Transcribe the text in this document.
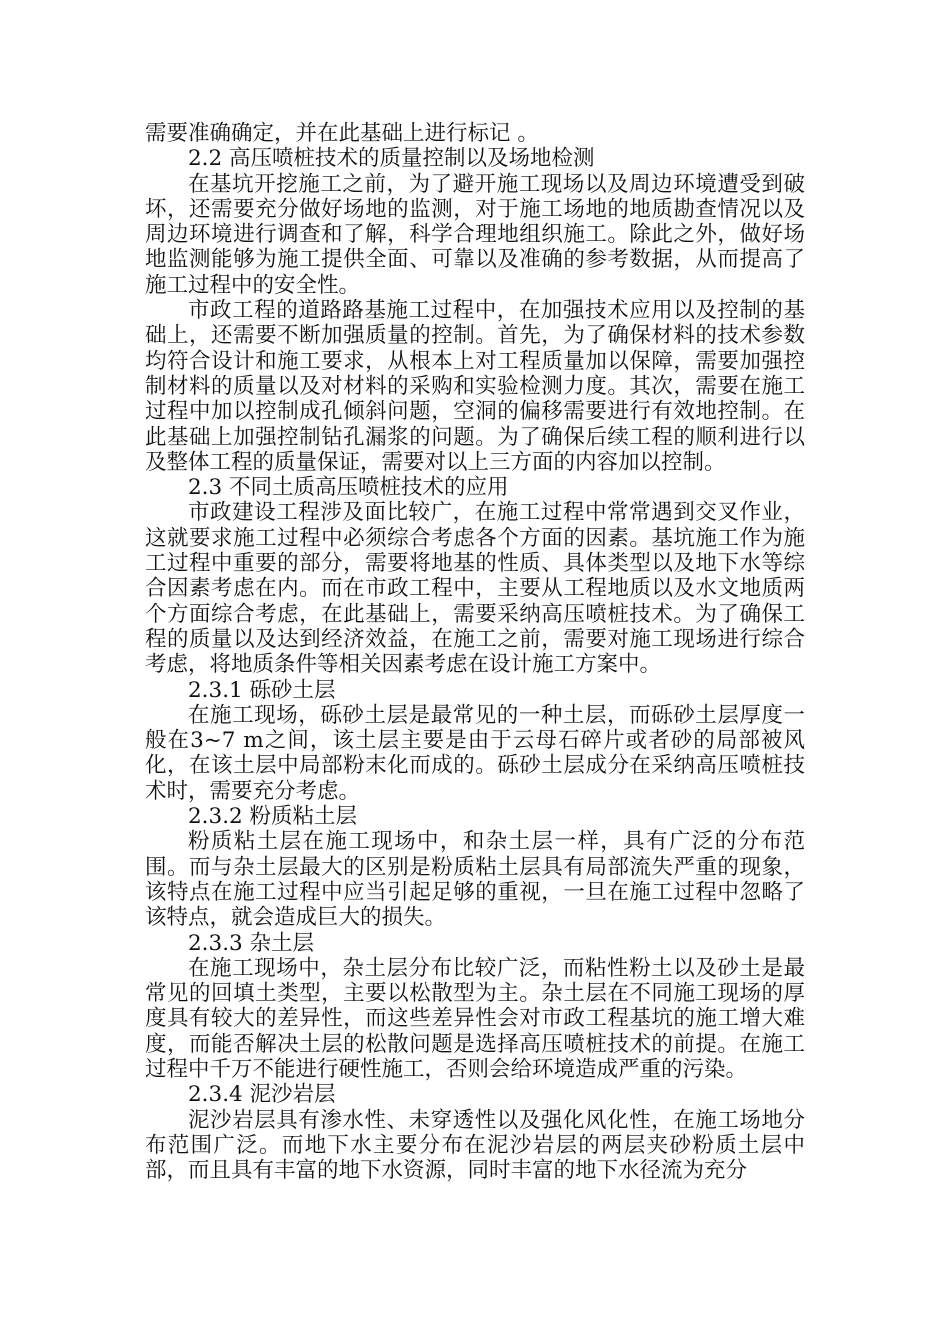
需要准确确定，并在此基础上进行标记 。

2.2 高压喷桩技术的质量控制以及场地检测

在基坑开挖施工之前，为了避开施工现场以及周边环境遭受到破坏，还需要充分做好场地的监测，对于施工场地的地质勘查情况以及周边环境进行调查和了解，科学合理地组织施工。除此之外，做好场地监测能够为施工提供全面、可靠以及准确的参考数据，从而提高了施工过程中的安全性。

市政工程的道路路基施工过程中，在加强技术应用以及控制的基础上，还需要不断加强质量的控制。首先，为了确保材料的技术参数均符合设计和施工要求，从根本上对工程质量加以保障，需要加强控制材料的质量以及对材料的采购和实验检测力度。其次，需要在施工过程中加以控制成孔倾斜问题，空洞的偏移需要进行有效地控制。在此基础上加强控制钻孔漏浆的问题。为了确保后续工程的顺利进行以及整体工程的质量保证，需要对以上三方面的内容加以控制。

2.3 不同土质高压喷桩技术的应用

市政建设工程涉及面比较广，在施工过程中常常遇到交叉作业，这就要求施工过程中必须综合考虑各个方面的因素。基坑施工作为施工过程中重要的部分，需要将地基的性质、具体类型以及地下水等综合因素考虑在内。而在市政工程中，主要从工程地质以及水文地质两个方面综合考虑，在此基础上，需要采纳高压喷桩技术。为了确保工程的质量以及达到经济效益，在施工之前，需要对施工现场进行综合考虑，将地质条件等相关因素考虑在设计施工方案中。

2.3.1 砾砂土层

在施工现场，砾砂土层是最常见的一种土层，而砾砂土层厚度一般在3~7 m之间，该土层主要是由于云母石碎片或者砂的局部被风化，在该土层中局部粉末化而成的。砾砂土层成分在采纳高压喷桩技术时，需要充分考虑。

2.3.2 粉质粘土层

粉质粘土层在施工现场中，和杂土层一样，具有广泛的分布范围。而与杂土层最大的区别是粉质粘土层具有局部流失严重的现象，该特点在施工过程中应当引起足够的重视，一旦在施工过程中忽略了该特点，就会造成巨大的损失。

2.3.3 杂土层

在施工现场中，杂土层分布比较广泛，而粘性粉土以及砂土是最常见的回填土类型，主要以松散型为主。杂土层在不同施工现场的厚度具有较大的差异性，而这些差异性会对市政工程基坑的施工增大难度，而能否解决土层的松散问题是选择高压喷桩技术的前提。在施工过程中千万不能进行硬性施工，否则会给环境造成严重的污染。

2.3.4 泥沙岩层

泥沙岩层具有渗水性、未穿透性以及强化风化性，在施工场地分布范围广泛。而地下水主要分布在泥沙岩层的两层夹砂粉质土层中部，而且具有丰富的地下水资源，同时丰富的地下水径流为充分
